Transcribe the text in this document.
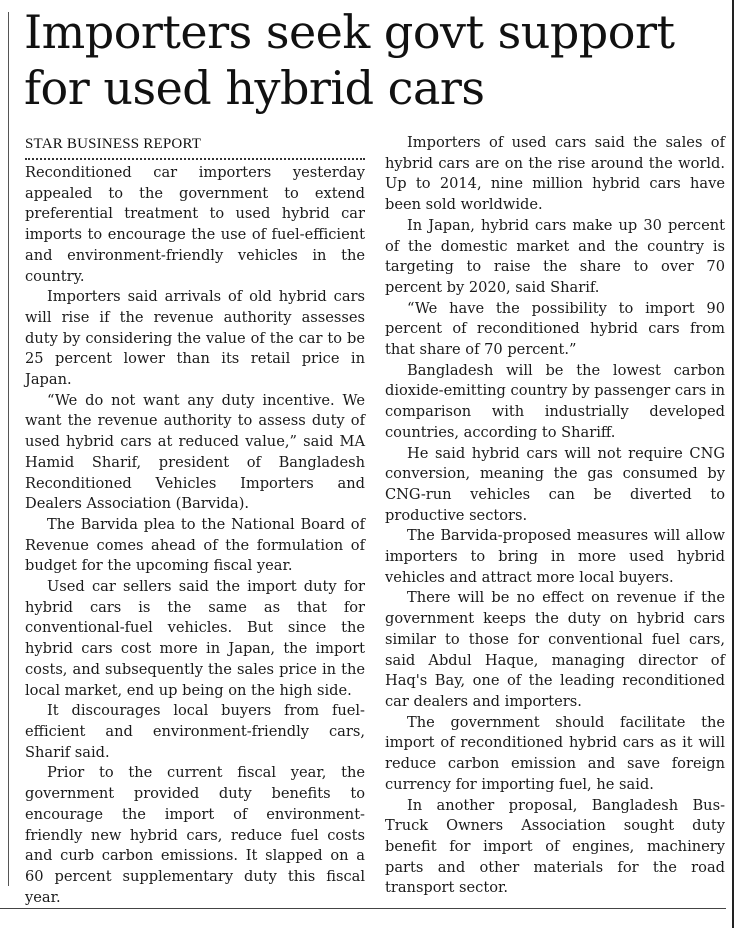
Importers seek govt support
for used hybrid cars
STAR BUSINESS REPORT

Reconditioned car importers yesterday appealed to the government to extend preferential treatment to used hybrid car imports to encourage the use of fuel-efficient and environment-friendly vehicles in the country.

Importers said arrivals of old hybrid cars will rise if the revenue authority assesses duty by considering the value of the car to be 25 percent lower than its retail price in Japan.

“We do not want any duty incentive. We want the revenue authority to assess duty of used hybrid cars at reduced value,” said MA Hamid Sharif, president of Bangladesh Reconditioned Vehicles Importers and Dealers Association (Barvida).

The Barvida plea to the National Board of Revenue comes ahead of the formulation of budget for the upcoming fiscal year.

Used car sellers said the import duty for hybrid cars is the same as that for conventional-fuel vehicles. But since the hybrid cars cost more in Japan, the import costs, and subsequently the sales price in the local market, end up being on the high side.

It discourages local buyers from fuel-efficient and environment-friendly cars, Sharif said.

Prior to the current fiscal year, the government provided duty benefits to encourage the import of environment-friendly new hybrid cars, reduce fuel costs and curb carbon emissions. It slapped on a 60 percent supplementary duty this fiscal year.

Importers of used cars said the sales of hybrid cars are on the rise around the world. Up to 2014, nine million hybrid cars have been sold worldwide.

In Japan, hybrid cars make up 30 percent of the domestic market and the country is targeting to raise the share to over 70 percent by 2020, said Sharif.

“We have the possibility to import 90 percent of reconditioned hybrid cars from that share of 70 percent.”

Bangladesh will be the lowest carbon dioxide-emitting country by passenger cars in comparison with industrially developed countries, according to Shariff.

He said hybrid cars will not require CNG conversion, meaning the gas consumed by CNG-run vehicles can be diverted to productive sectors.

The Barvida-proposed measures will allow importers to bring in more used hybrid vehicles and attract more local buyers.

There will be no effect on revenue if the government keeps the duty on hybrid cars similar to those for conventional fuel cars, said Abdul Haque, managing director of Haq's Bay, one of the leading reconditioned car dealers and importers.

The government should facilitate the import of reconditioned hybrid cars as it will reduce carbon emission and save foreign currency for importing fuel, he said.

In another proposal, Bangladesh Bus-Truck Owners Association sought duty benefit for import of engines, machinery parts and other materials for the road transport sector.
